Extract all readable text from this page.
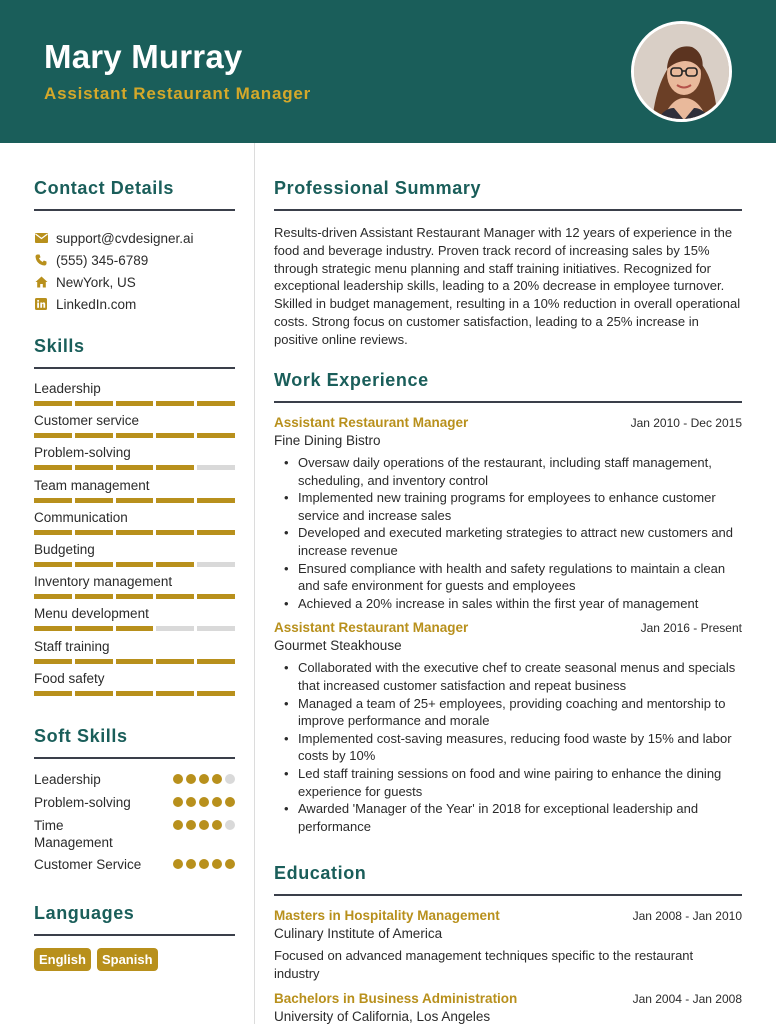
Mary Murray
Assistant Restaurant Manager
Contact Details
support@cvdesigner.ai
(555) 345-6789
NewYork, US
LinkedIn.com
Skills
Leadership
Customer service
Problem-solving
Team management
Communication
Budgeting
Inventory management
Menu development
Staff training
Food safety
Soft Skills
Leadership
Problem-solving
Time
Management
Customer Service
Languages
English	Spanish
Professional Summary
Results-driven Assistant Restaurant Manager with 12 years of experience in the food and beverage industry. Proven track record of increasing sales by 15% through strategic menu planning and staff training initiatives. Recognized for exceptional leadership skills, leading to a 20% decrease in employee turnover. Skilled in budget management, resulting in a 10% reduction in overall operational costs. Strong focus on customer satisfaction, leading to a 25% increase in positive online reviews.
Work Experience
Assistant Restaurant Manager	Jan 2010 - Dec 2015
Fine Dining Bistro
• Oversaw daily operations of the restaurant, including staff management, scheduling, and inventory control
• Implemented new training programs for employees to enhance customer service and increase sales
• Developed and executed marketing strategies to attract new customers and increase revenue
• Ensured compliance with health and safety regulations to maintain a clean and safe environment for guests and employees
• Achieved a 20% increase in sales within the first year of management
Assistant Restaurant Manager	Jan 2016 - Present
Gourmet Steakhouse
• Collaborated with the executive chef to create seasonal menus and specials that increased customer satisfaction and repeat business
• Managed a team of 25+ employees, providing coaching and mentorship to improve performance and morale
• Implemented cost-saving measures, reducing food waste by 15% and labor costs by 10%
• Led staff training sessions on food and wine pairing to enhance the dining experience for guests
• Awarded 'Manager of the Year' in 2018 for exceptional leadership and performance
Education
Masters in Hospitality Management	Jan 2008 - Jan 2010
Culinary Institute of America
Focused on advanced management techniques specific to the restaurant industry
Bachelors in Business Administration	Jan 2004 - Jan 2008
University of California, Los Angeles
